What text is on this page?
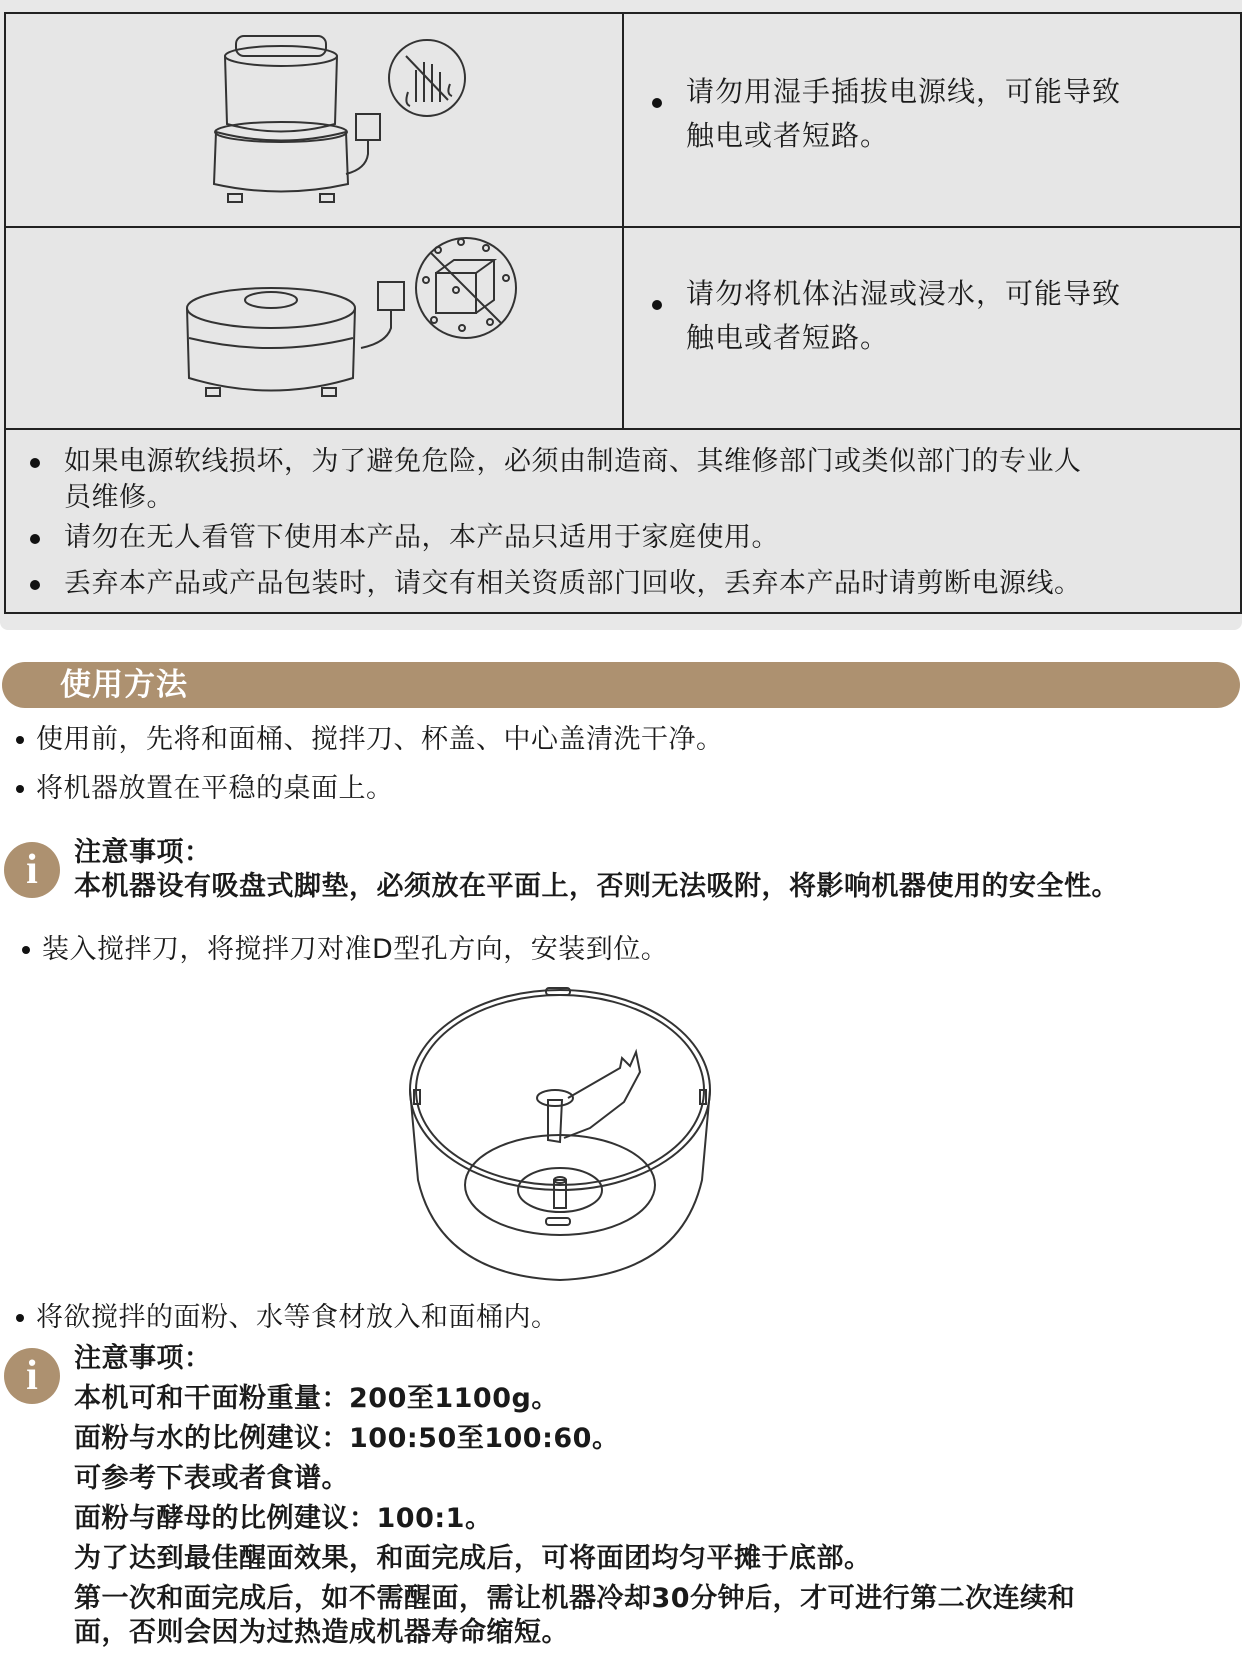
请勿用湿手插拔电源线，可能导致
触电或者短路。
请勿将机体沾湿或浸水，可能导致
触电或者短路。
如果电源软线损坏，为了避免危险，必须由制造商、其维修部门或类似部门的专业人
员维修。
请勿在无人看管下使用本产品，本产品只适用于家庭使用。
丢弃本产品或产品包装时，请交有相关资质部门回收，丢弃本产品时请剪断电源线。
使用方法
使用前，先将和面桶、搅拌刀、杯盖、中心盖清洗干净。
将机器放置在平稳的桌面上。
i	注意事项：
本机器设有吸盘式脚垫，必须放在平面上，否则无法吸附，将影响机器使用的安全性。
装入搅拌刀，将搅拌刀对准D型孔方向，安装到位。
将欲搅拌的面粉、水等食材放入和面桶内。
i	注意事项：
本机可和干面粉重量：200至1100g。
面粉与水的比例建议：100:50至100:60。
可参考下表或者食谱。
面粉与酵母的比例建议：100:1。
为了达到最佳醒面效果，和面完成后，可将面团均匀平摊于底部。
第一次和面完成后，如不需醒面，需让机器冷却30分钟后，才可进行第二次连续和
面，否则会因为过热造成机器寿命缩短。
